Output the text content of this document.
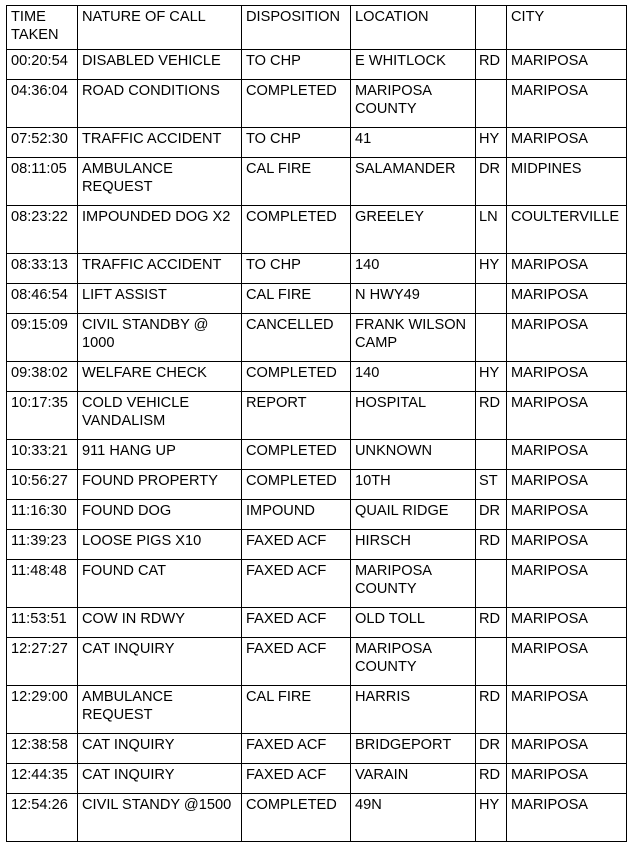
TIME TAKEN	NATURE OF CALL	DISPOSITION	LOCATION		CITY
00:20:54	DISABLED VEHICLE	TO CHP	E WHITLOCK	RD	MARIPOSA
04:36:04	ROAD CONDITIONS	COMPLETED	MARIPOSA COUNTY		MARIPOSA
07:52:30	TRAFFIC ACCIDENT	TO CHP	41	HY	MARIPOSA
08:11:05	AMBULANCE REQUEST	CAL FIRE	SALAMANDER	DR	MIDPINES
08:23:22	IMPOUNDED DOG X2	COMPLETED	GREELEY	LN	COULTERVILLE
08:33:13	TRAFFIC ACCIDENT	TO CHP	140	HY	MARIPOSA
08:46:54	LIFT ASSIST	CAL FIRE	N HWY49		MARIPOSA
09:15:09	CIVIL STANDBY @ 1000	CANCELLED	FRANK WILSON CAMP		MARIPOSA
09:38:02	WELFARE CHECK	COMPLETED	140	HY	MARIPOSA
10:17:35	COLD VEHICLE VANDALISM	REPORT	HOSPITAL	RD	MARIPOSA
10:33:21	911 HANG UP	COMPLETED	UNKNOWN		MARIPOSA
10:56:27	FOUND PROPERTY	COMPLETED	10TH	ST	MARIPOSA
11:16:30	FOUND DOG	IMPOUND	QUAIL RIDGE	DR	MARIPOSA
11:39:23	LOOSE PIGS X10	FAXED ACF	HIRSCH	RD	MARIPOSA
11:48:48	FOUND CAT	FAXED ACF	MARIPOSA COUNTY		MARIPOSA
11:53:51	COW IN RDWY	FAXED ACF	OLD TOLL	RD	MARIPOSA
12:27:27	CAT INQUIRY	FAXED ACF	MARIPOSA COUNTY		MARIPOSA
12:29:00	AMBULANCE REQUEST	CAL FIRE	HARRIS	RD	MARIPOSA
12:38:58	CAT INQUIRY	FAXED ACF	BRIDGEPORT	DR	MARIPOSA
12:44:35	CAT INQUIRY	FAXED ACF	VARAIN	RD	MARIPOSA
12:54:26	CIVIL STANDY @1500	COMPLETED	49N	HY	MARIPOSA
